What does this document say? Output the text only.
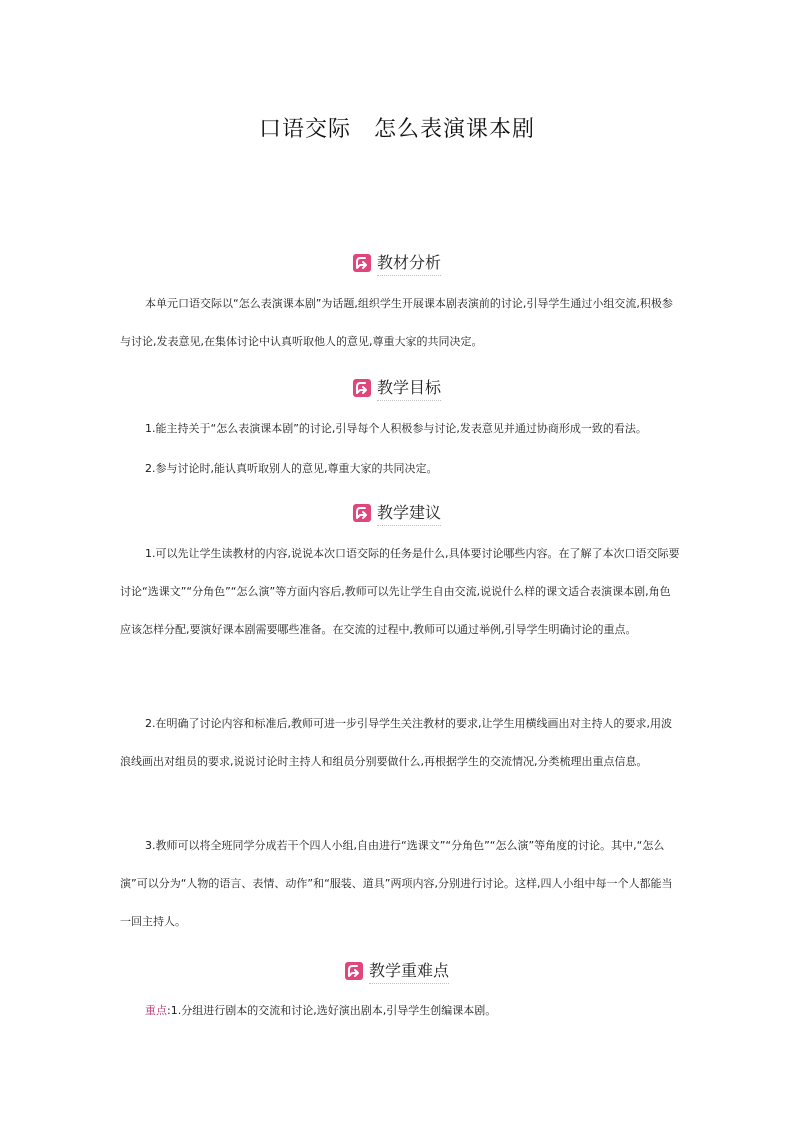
口语交际　怎么表演课本剧
教材分析

本单元口语交际以“怎么表演课本剧”为话题,组织学生开展课本剧表演前的讨论,引导学生通过小组交流,积极参与讨论,发表意见,在集体讨论中认真听取他人的意见,尊重大家的共同决定。

教学目标

1.能主持关于“怎么表演课本剧”的讨论,引导每个人积极参与讨论,发表意见并通过协商形成一致的看法。

2.参与讨论时,能认真听取别人的意见,尊重大家的共同决定。

教学建议

1.可以先让学生读教材的内容,说说本次口语交际的任务是什么,具体要讨论哪些内容。在了解了本次口语交际要讨论“选课文”“分角色”“怎么演”等方面内容后,教师可以先让学生自由交流,说说什么样的课文适合表演课本剧,角色应该怎样分配,要演好课本剧需要哪些准备。在交流的过程中,教师可以通过举例,引导学生明确讨论的重点。

2.在明确了讨论内容和标准后,教师可进一步引导学生关注教材的要求,让学生用横线画出对主持人的要求,用波浪线画出对组员的要求,说说讨论时主持人和组员分别要做什么,再根据学生的交流情况,分类梳理出重点信息。

3.教师可以将全班同学分成若干个四人小组,自由进行“选课文”“分角色”“怎么演”等角度的讨论。其中,“怎么演”可以分为“人物的语言、表情、动作”和“服装、道具”两项内容,分别进行讨论。这样,四人小组中每一个人都能当一回主持人。

教学重难点

重点:1.分组进行剧本的交流和讨论,选好演出剧本,引导学生创编课本剧。
